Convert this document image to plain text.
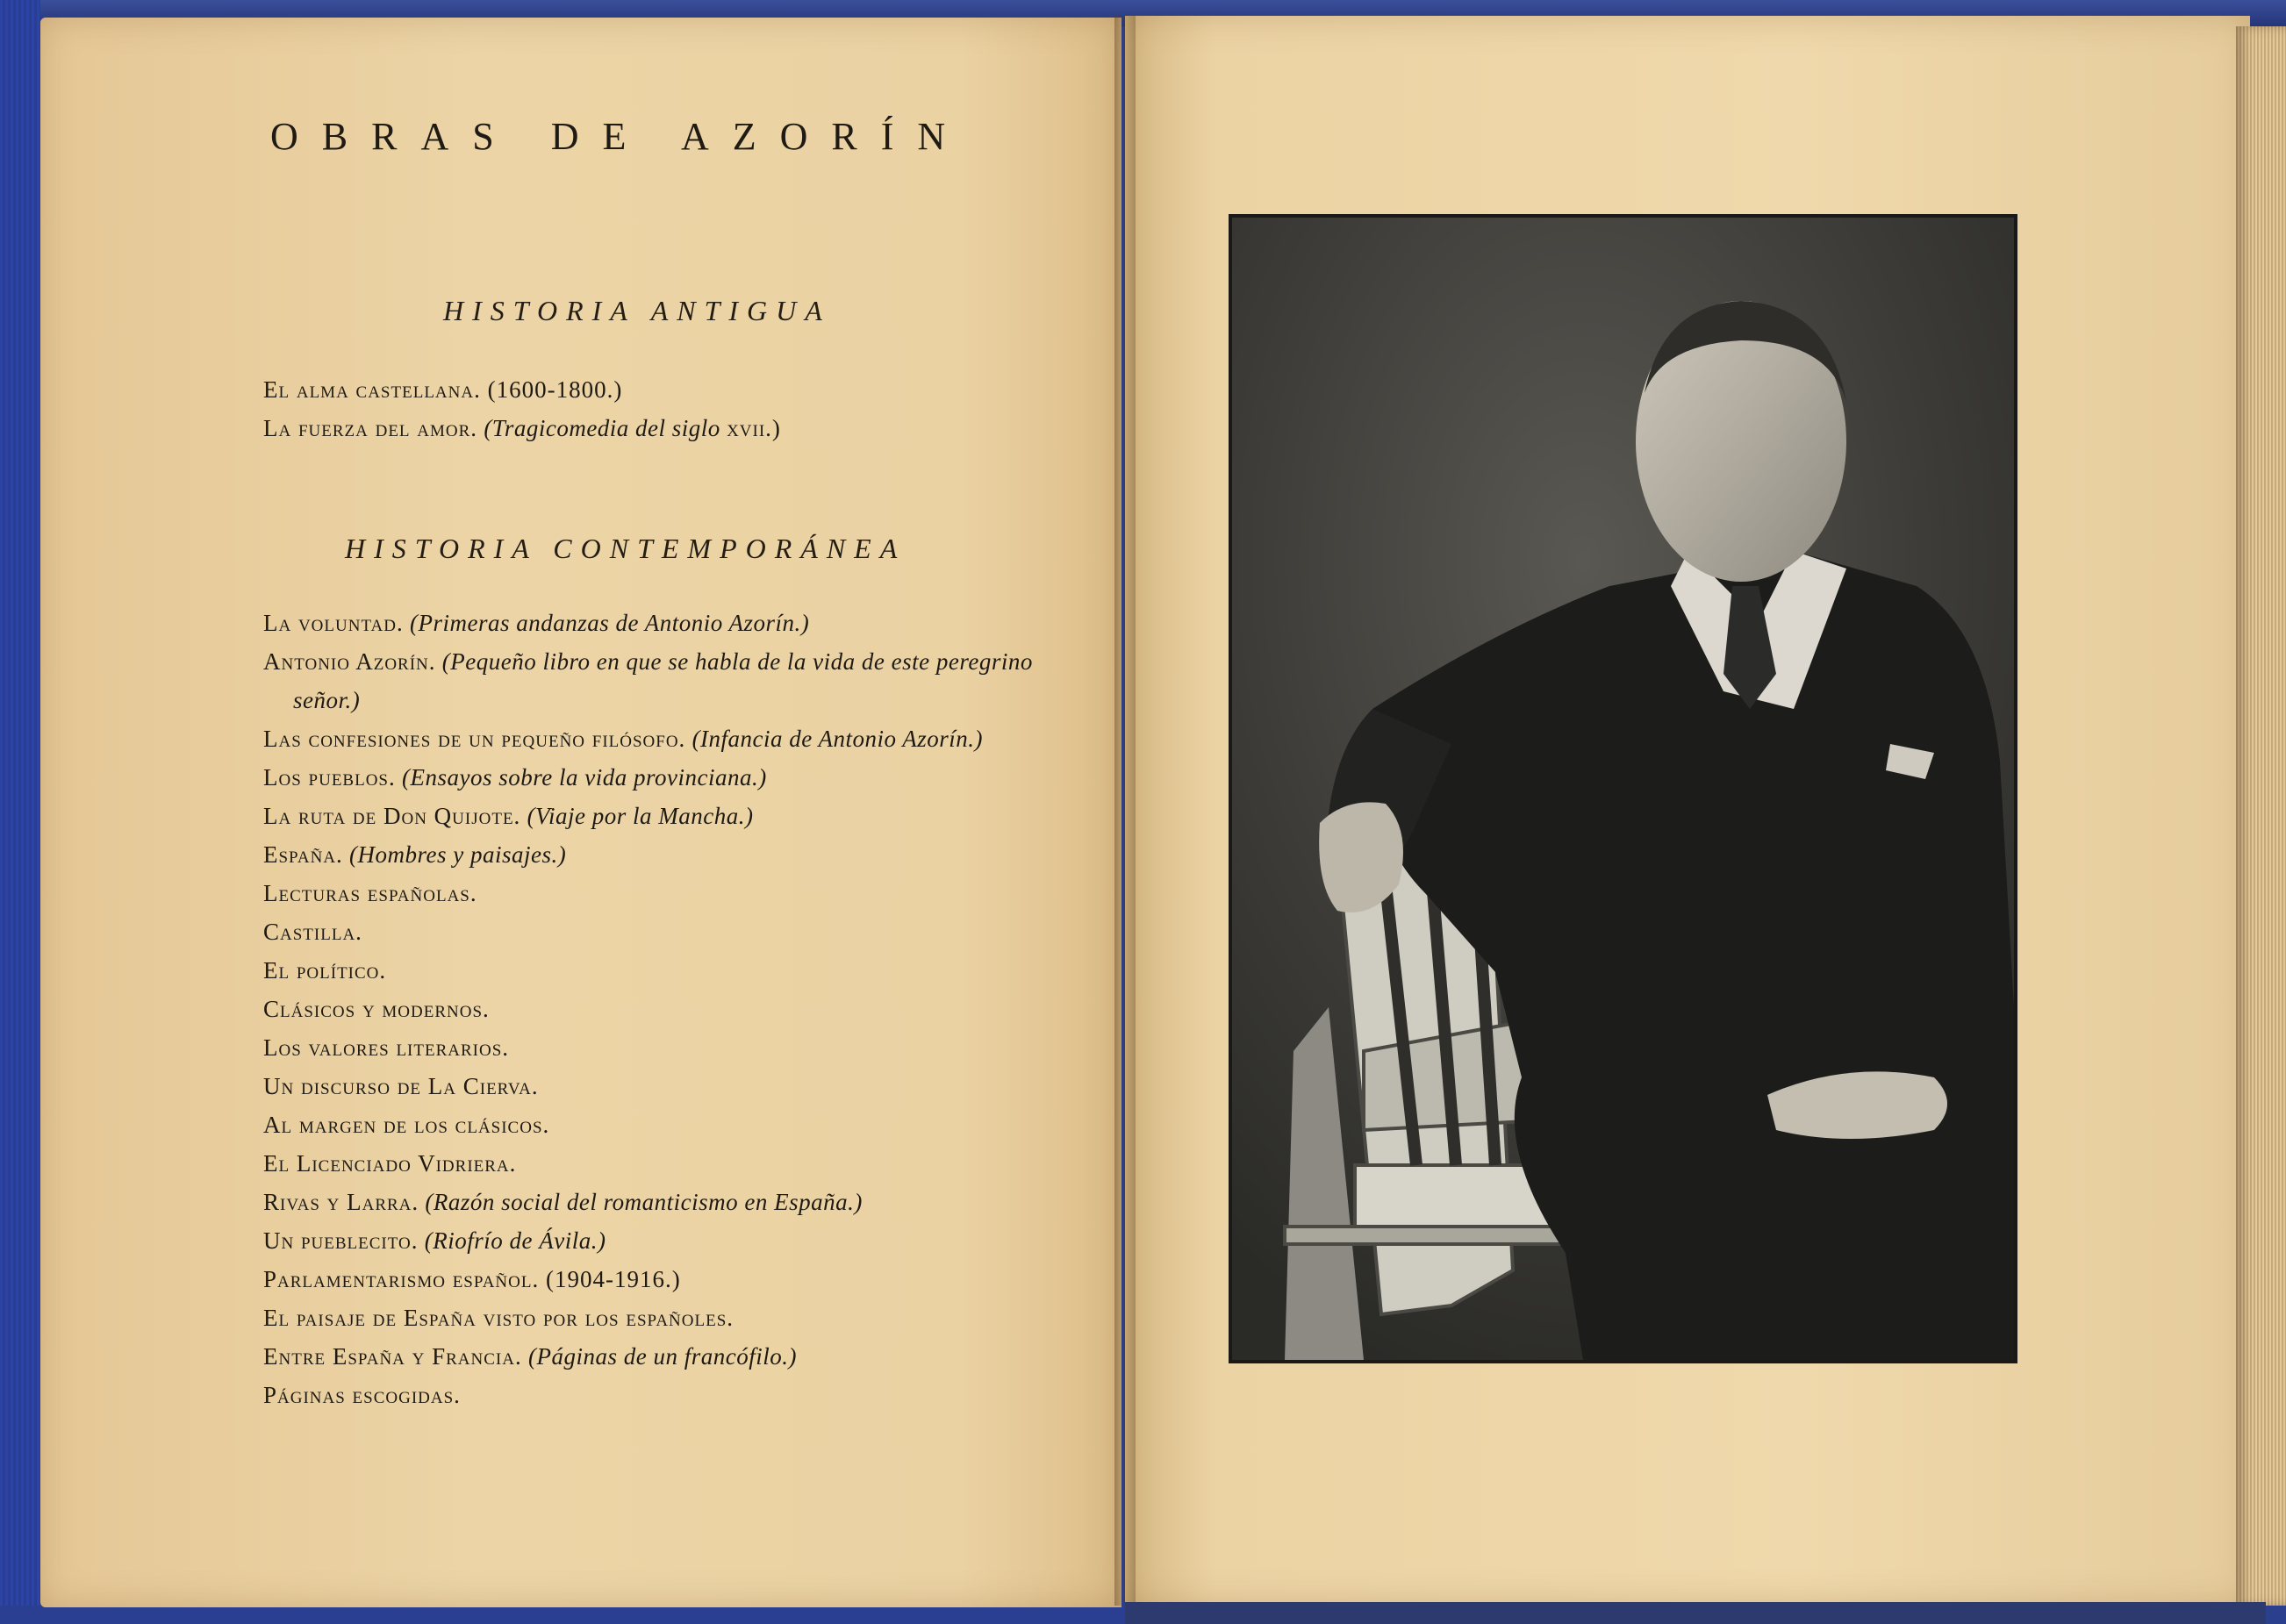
OBRAS DE AZORÍN
HISTORIA ANTIGUA
El alma castellana. (1600-1800.)
La fuerza del amor. (Tragicomedia del siglo xvii.)
HISTORIA CONTEMPORÁNEA
La voluntad. (Primeras andanzas de Antonio Azorín.)
Antonio Azorín. (Pequeño libro en que se habla de la vida de este peregrino señor.)
Las confesiones de un pequeño filósofo. (Infancia de Antonio Azorín.)
Los pueblos. (Ensayos sobre la vida provinciana.)
La ruta de Don Quijote. (Viaje por la Mancha.)
España. (Hombres y paisajes.)
Lecturas españolas.
Castilla.
El político.
Clásicos y modernos.
Los valores literarios.
Un discurso de La Cierva.
Al margen de los clásicos.
El Licenciado Vidriera.
Rivas y Larra. (Razón social del romanticismo en España.)
Un pueblecito. (Riofrío de Ávila.)
Parlamentarismo español. (1904-1916.)
El paisaje de España visto por los españoles.
Entre España y Francia. (Páginas de un francófilo.)
Páginas escogidas.
